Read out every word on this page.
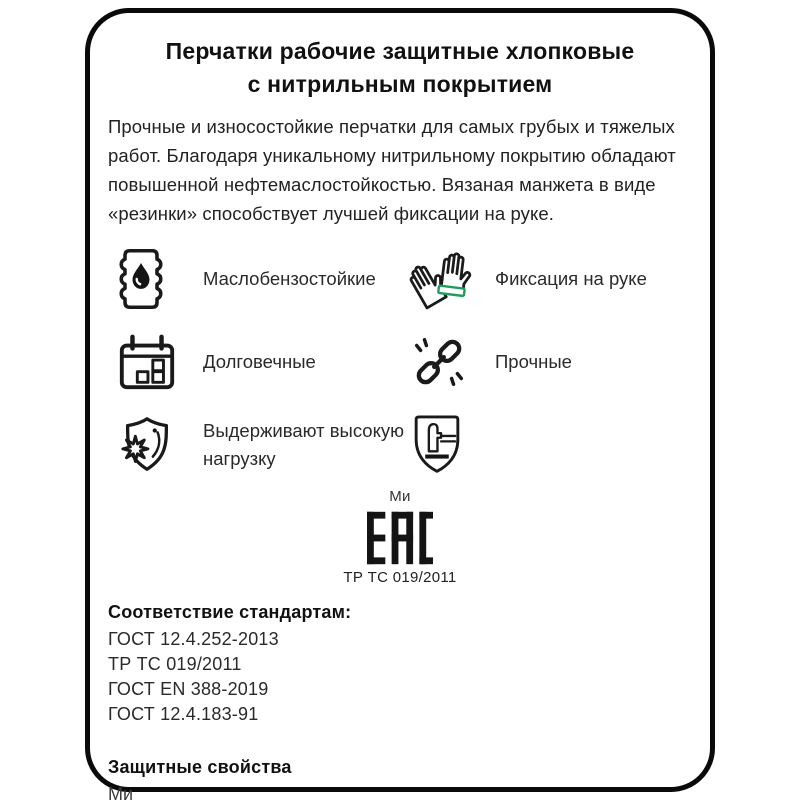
Перчатки рабочие защитные хлопковые
с нитрильным покрытием
Прочные и износостойкие перчатки для самых грубых и тяжелых работ. Благодаря уникальному нитрильному покрытию обладают повышенной нефтемаслостойкостью. Вязаная манжета в виде «резинки» способствует лучшей фиксации на руке.
Маслобензостойкие	Фиксация на руке
Долговечные	Прочные
Выдерживают высокую нагрузку
Ми
ТР ТС 019/2011
Соответствие стандартам:
ГОСТ 12.4.252-2013
ТР ТС 019/2011
ГОСТ EN 388-2019
ГОСТ 12.4.183-91
Защитные свойства
Ми
